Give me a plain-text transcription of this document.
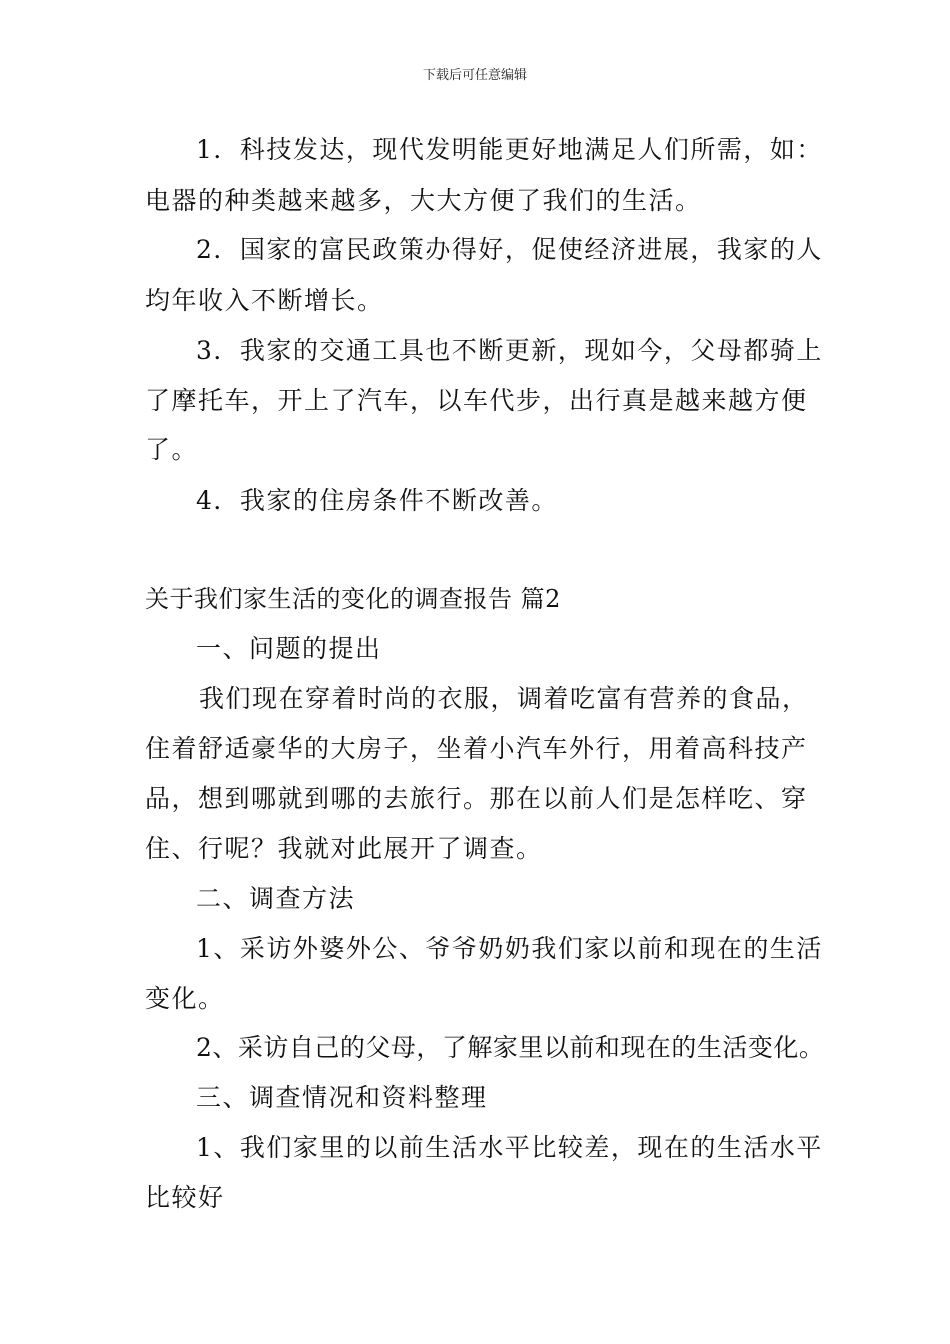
下载后可任意编辑
1．科技发达，现代发明能更好地满足人们所需，如：
电器的种类越来越多，大大方便了我们的生活。
2．国家的富民政策办得好，促使经济进展，我家的人
均年收入不断增长。
3．我家的交通工具也不断更新，现如今，父母都骑上
了摩托车，开上了汽车，以车代步，出行真是越来越方便
了。
4．我家的住房条件不断改善。
关于我们家生活的变化的调查报告 篇2
一、问题的提出
我们现在穿着时尚的衣服，调着吃富有营养的食品，
住着舒适豪华的大房子，坐着小汽车外行，用着高科技产
品，想到哪就到哪的去旅行。那在以前人们是怎样吃、穿
住、行呢？我就对此展开了调查。
二、调查方法
1、采访外婆外公、爷爷奶奶我们家以前和现在的生活
变化。
2、采访自己的父母，了解家里以前和现在的生活变化。
三、调查情况和资料整理
1、我们家里的以前生活水平比较差，现在的生活水平
比较好
